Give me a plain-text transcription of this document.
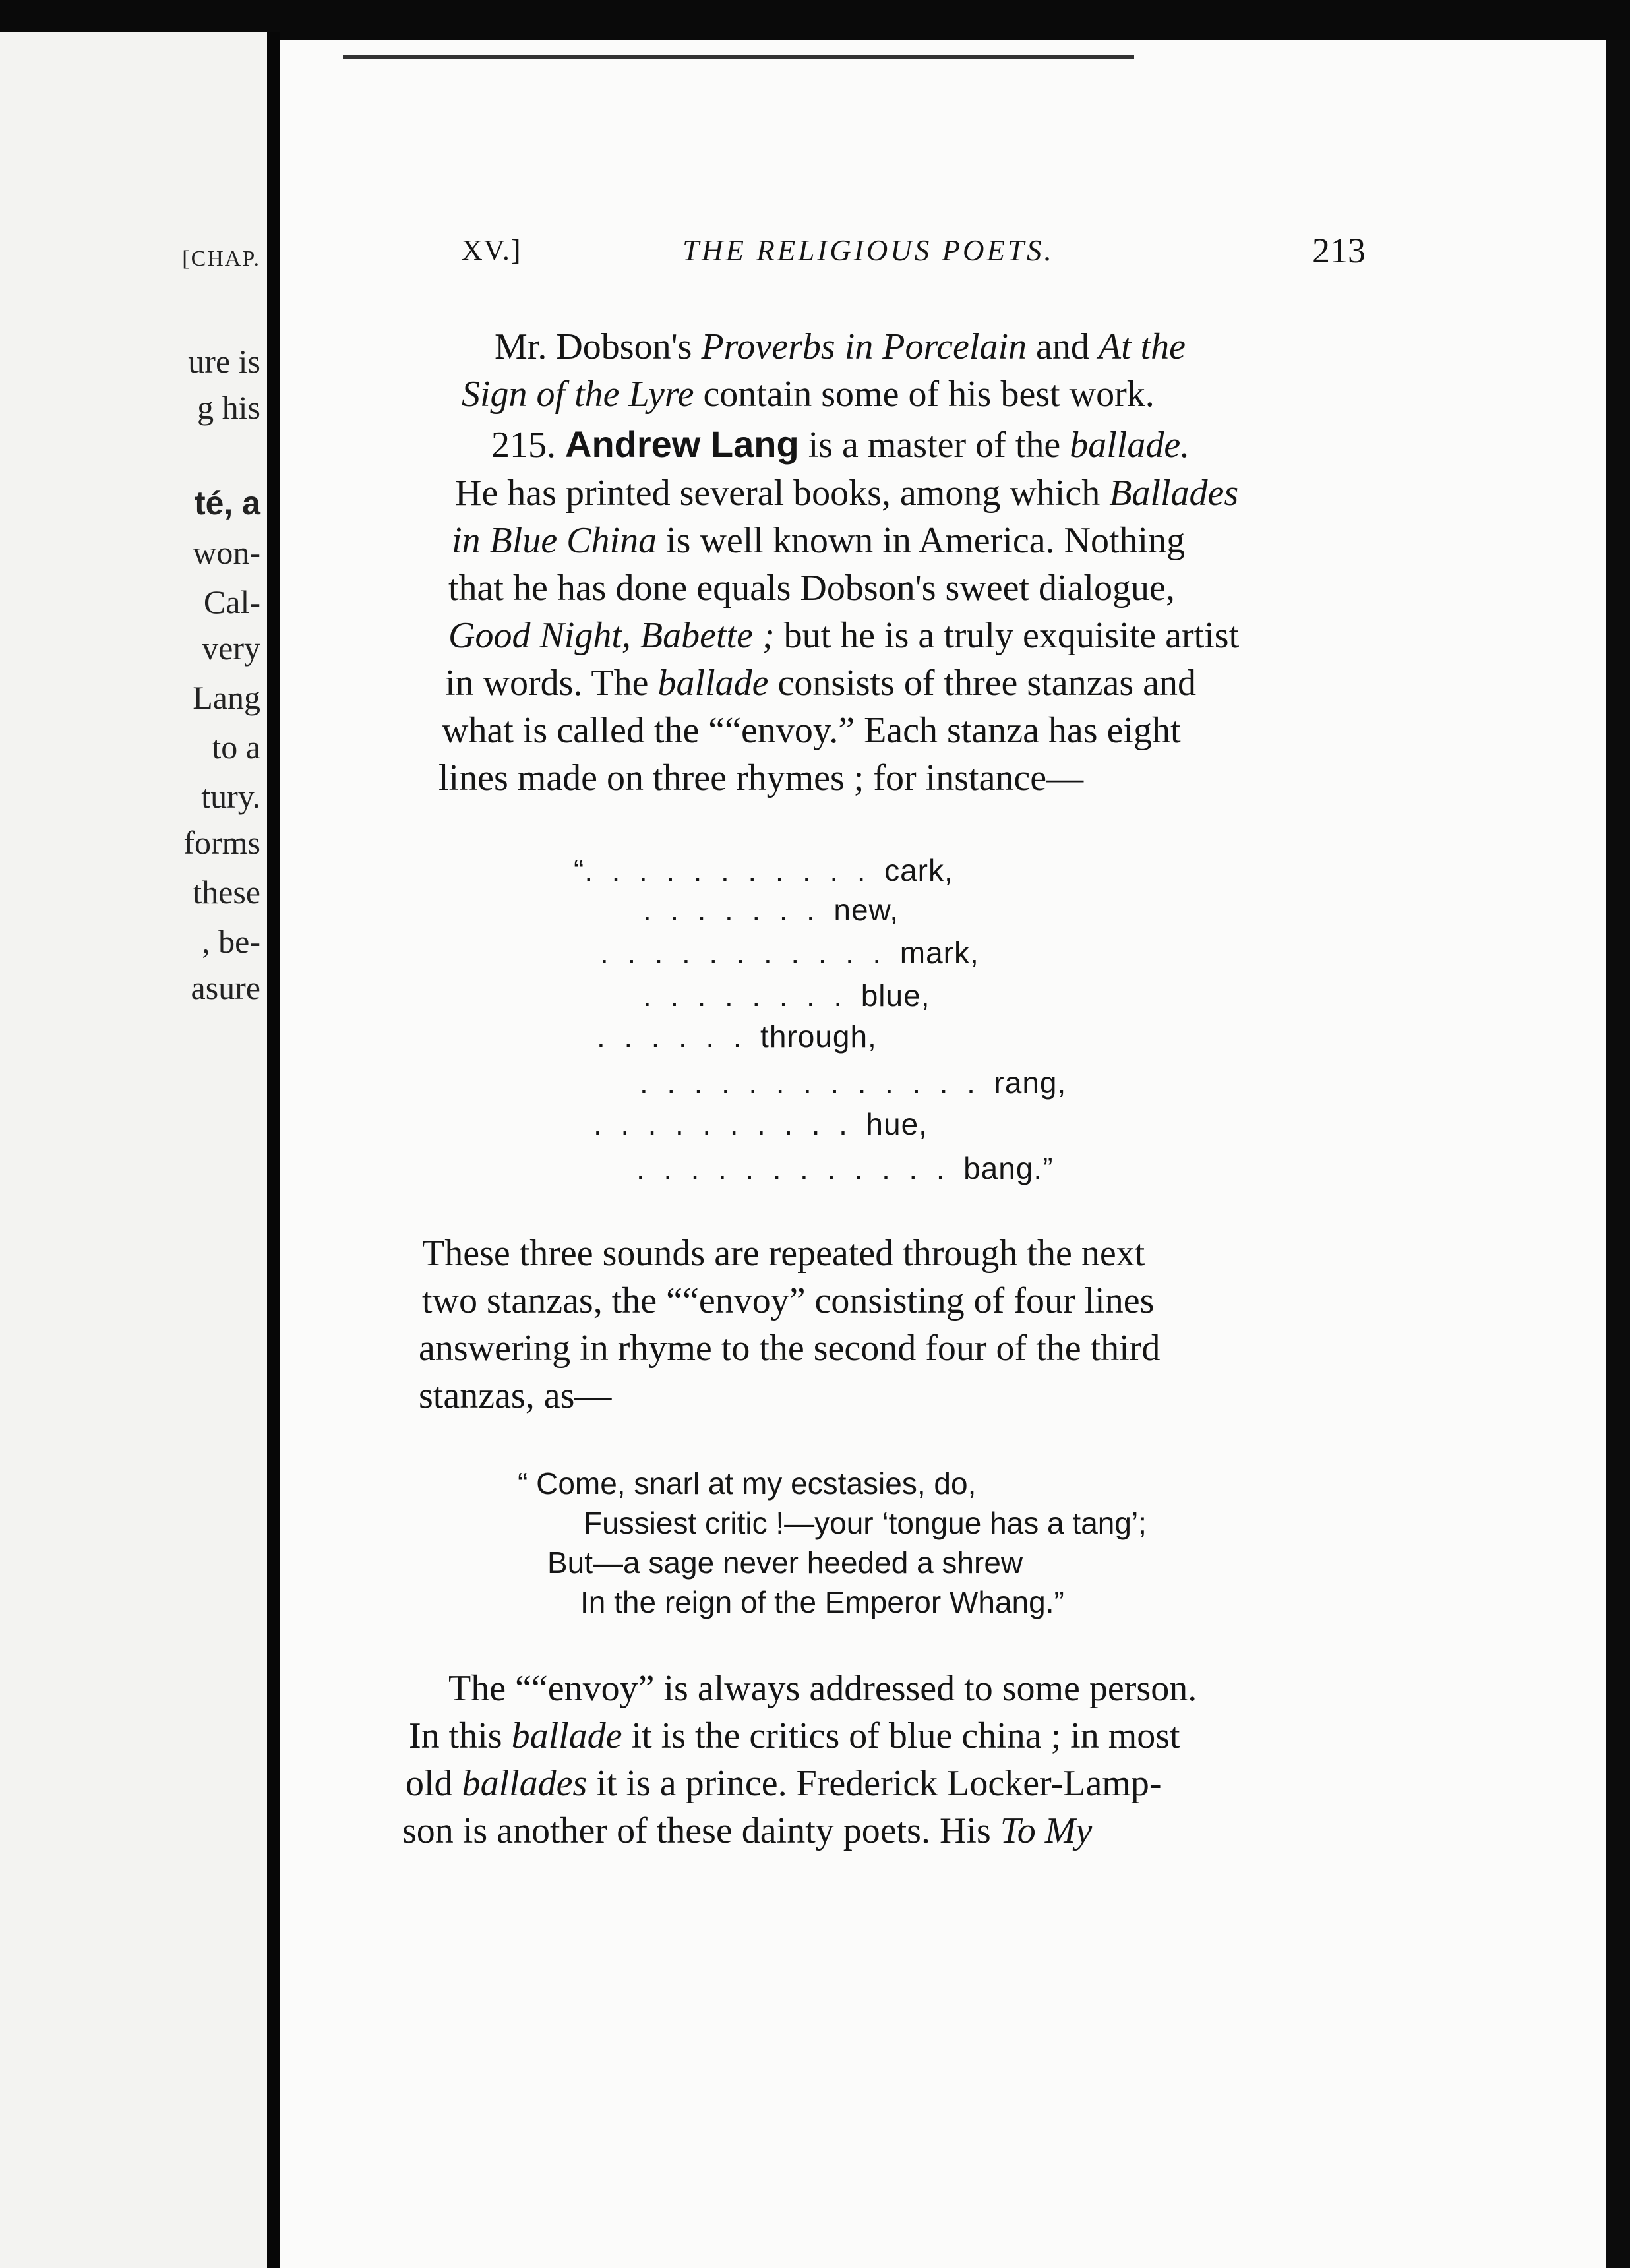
[CHAP.
ure is
g his
té, a
won-
Cal-
very
Lang
to a
tury.
forms
these
, be-
asure
XV.]	THE RELIGIOUS POETS.	213
Mr. Dobson's Proverbs in Porcelain and At the
Sign of the Lyre contain some of his best work.
215. Andrew Lang is a master of the ballade.
He has printed several books, among which Ballades
in Blue China is well known in America. Nothing
that he has done equals Dobson's sweet dialogue,
Good Night, Babette ; but he is a truly exquisite artist
in words. The ballade consists of three stanzas and
what is called the ““envoy.” Each stanza has eight
lines made on three rhymes ; for instance—
“.  .  .  .  .  .  .  .  .  .  .  cark,
.  .  .  .  .  .  .  new,
.  .  .  .  .  .  .  .  .  .  .  mark,
.  .  .  .  .  .  .  .  blue,
.  .  .  .  .  .  through,
.  .  .  .  .  .  .  .  .  .  .  .  .  rang,
.  .  .  .  .  .  .  .  .  .  hue,
.  .  .  .  .  .  .  .  .  .  .  .  bang.”
These three sounds are repeated through the next
two stanzas, the ““envoy” consisting of four lines
answering in rhyme to the second four of the third
stanzas, as—
“ Come, snarl at my ecstasies, do,
Fussiest critic !—your ‘tongue has a tang’;
But—a sage never heeded a shrew
In the reign of the Emperor Whang.”
The ““envoy” is always addressed to some person.
In this ballade it is the critics of blue china ; in most
old ballades it is a prince. Frederick Locker-Lamp-
son is another of these dainty poets. His To My
